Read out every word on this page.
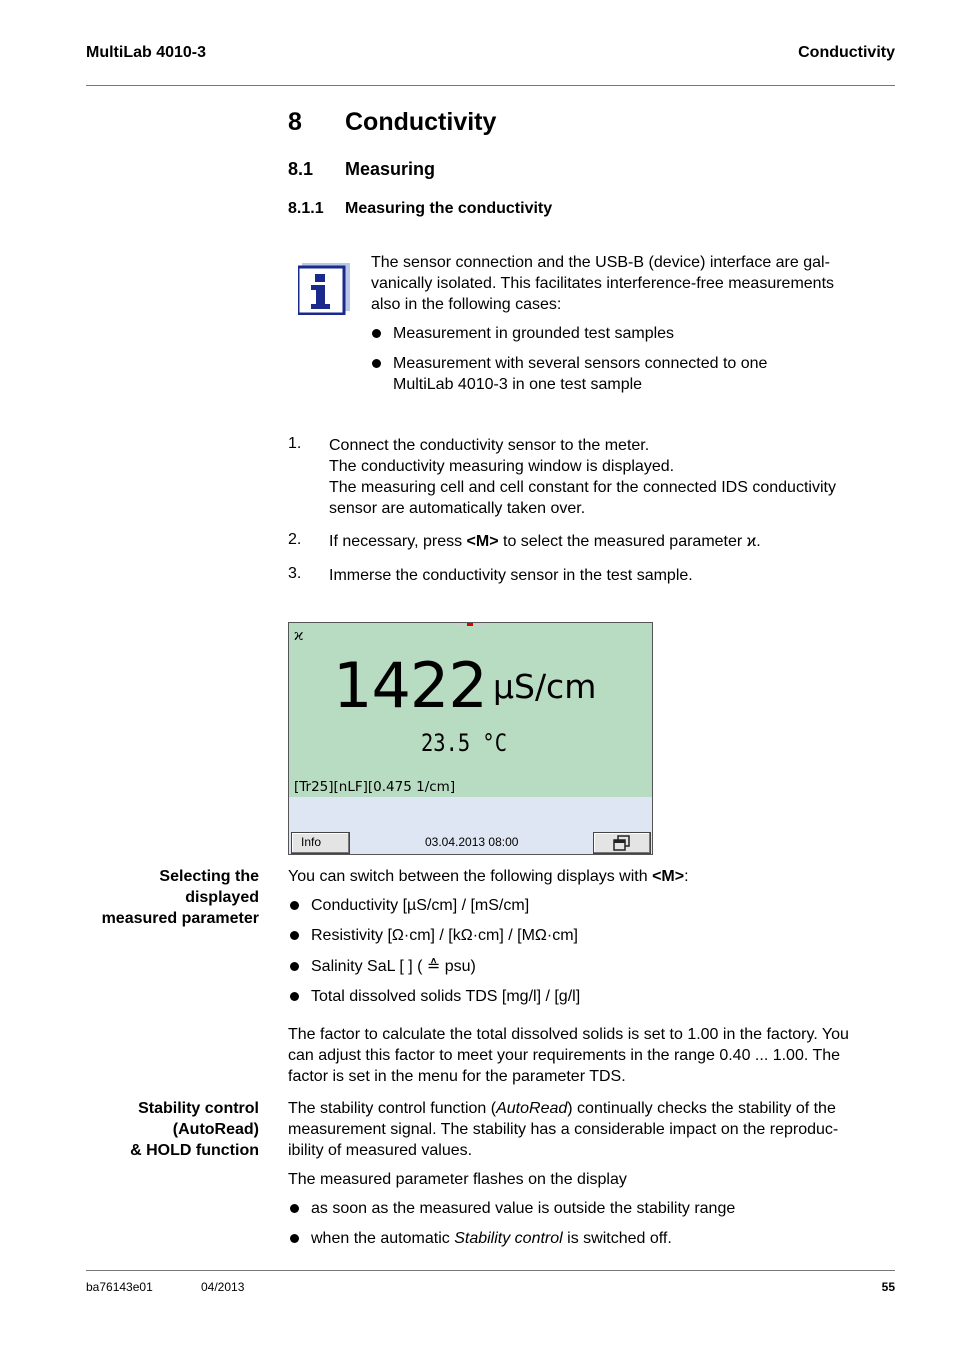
MultiLab 4010-3	Conductivity
8 Conductivity
8.1 Measuring
8.1.1 Measuring the conductivity
The sensor connection and the USB-B (device) interface are gal-
vanically isolated. This facilitates interference-free measurements
also in the following cases:
Measurement in grounded test samples
Measurement with several sensors connected to one
MultiLab 4010-3 in one test sample
1. Connect the conductivity sensor to the meter.
The conductivity measuring window is displayed.
The measuring cell and cell constant for the connected IDS conductivity
sensor are automatically taken over.
2. If necessary, press <M> to select the measured parameter ϰ.
3. Immerse the conductivity sensor in the test sample.
ϰ
1422 µS/cm
23.5 °C
[Tr25][nLF][0.475 1/cm]
Info	03.04.2013 08:00
Selecting the
displayed
measured parameter
You can switch between the following displays with <M>:
Conductivity [µS/cm] / [mS/cm]
Resistivity [Ω·cm] / [kΩ·cm] / [MΩ·cm]
Salinity SaL [ ] ( ≙ psu)
Total dissolved solids TDS [mg/l] / [g/l]
The factor to calculate the total dissolved solids is set to 1.00 in the factory. You
can adjust this factor to meet your requirements in the range 0.40 ... 1.00. The
factor is set in the menu for the parameter TDS.
Stability control
(AutoRead)
& HOLD function
The stability control function (AutoRead) continually checks the stability of the
measurement signal. The stability has a considerable impact on the reproduc-
ibility of measured values.
The measured parameter flashes on the display
as soon as the measured value is outside the stability range
when the automatic Stability control is switched off.
ba76143e01	04/2013	55
